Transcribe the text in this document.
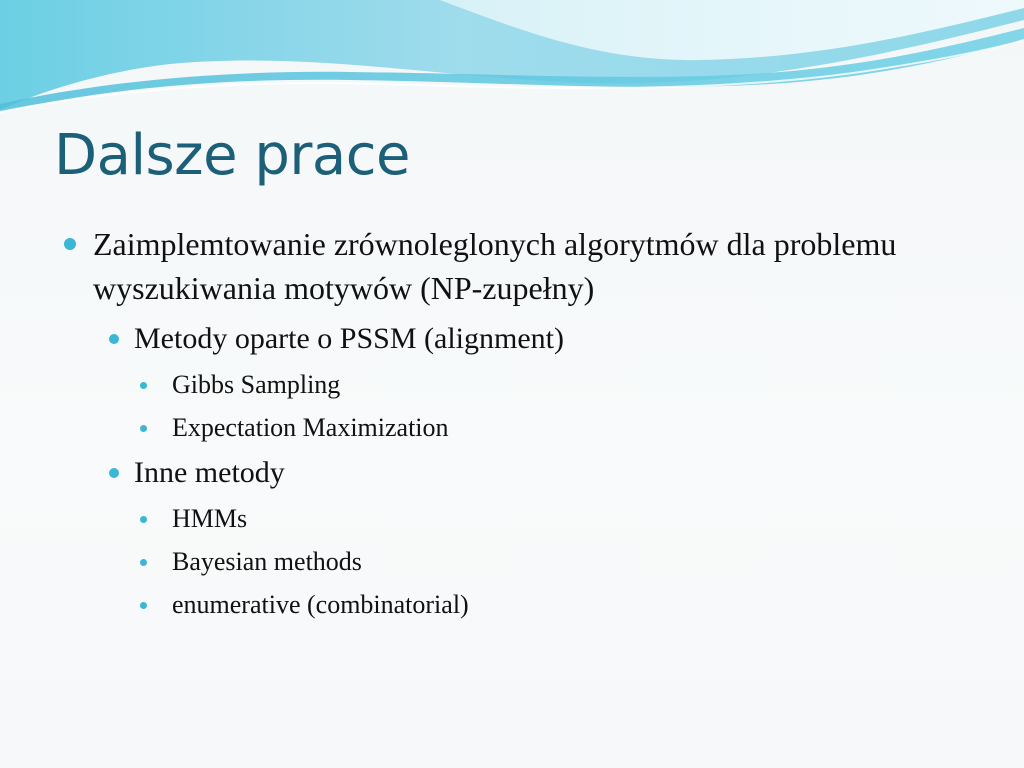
Dalsze prace
Zaimplemtowanie zrównoleglonych algorytmów dla problemu wyszukiwania motywów (NP-zupełny)
Metody oparte o PSSM (alignment)
Gibbs Sampling
Expectation Maximization
Inne metody
HMMs
Bayesian methods
enumerative (combinatorial)
